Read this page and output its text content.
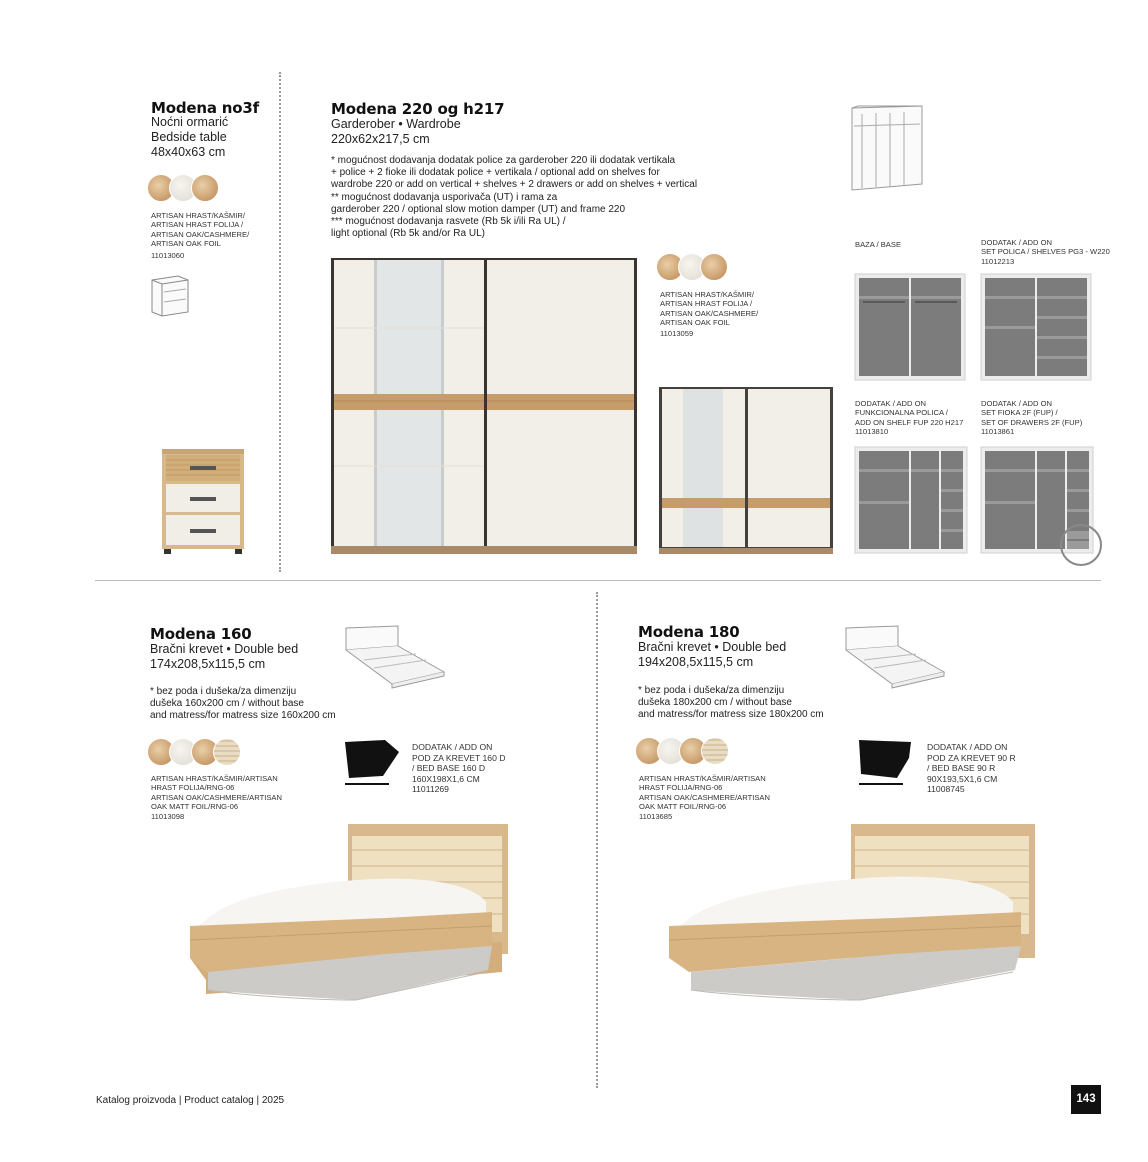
Modena no3f
Noćni ormarić
Bedside table
48x40x63 cm
ARTISAN HRAST/KAŠMIR/
ARTISAN HRAST FOLIJA /
ARTISAN OAK/CASHMERE/
ARTISAN OAK FOIL
11013060
Modena 220 og h217
Garderober • Wardrobe
220x62x217,5 cm
* mogućnost dodavanja dodatak police za garderober 220 ili dodatak vertikala
+ police + 2 fioke ili dodatak police + vertikala / optional add on shelves for
wardrobe 220 or add on vertical + shelves + 2 drawers or add on shelves + vertical
** mogućnost dodavanja usporivača (UT) i rama za
garderober 220 / optional slow motion damper (UT) and frame 220
*** mogućnost dodavanja rasvete (Rb 5k i/ili Ra UL) /
light optional (Rb 5k and/or Ra UL)
ARTISAN HRAST/KAŠMIR/
ARTISAN HRAST FOLIJA /
ARTISAN OAK/CASHMERE/
ARTISAN OAK FOIL
11013059
BAZA / BASE	DODATAK / ADD ON
SET POLICA / SHELVES PG3 - W220
11012213
DODATAK / ADD ON
FUNKCIONALNA POLICA /
ADD ON SHELF FUP 220 H217
11013810
DODATAK / ADD ON
SET FIOKA 2F (FUP) /
SET OF DRAWERS 2F (FUP)
11013861
Modena 160
Bračni krevet • Double bed
174x208,5x115,5 cm
* bez poda i dušeka/za dimenziju
dušeka 160x200 cm / without base
and matress/for matress size 160x200 cm
ARTISAN HRAST/KAŠMIR/ARTISAN
HRAST FOLIJA/RNG-06
ARTISAN OAK/CASHMERE/ARTISAN
OAK MATT FOIL/RNG-06
11013098
DODATAK / ADD ON
POD ZA KREVET 160 D
/ BED BASE 160 D
160X198X1,6 CM
11011269
Modena 180
Bračni krevet • Double bed
194x208,5x115,5 cm
* bez poda i dušeka/za dimenziju
dušeka 180x200 cm / without base
and matress/for matress size 180x200 cm
ARTISAN HRAST/KAŠMIR/ARTISAN
HRAST FOLIJA/RNG-06
ARTISAN OAK/CASHMERE/ARTISAN
OAK MATT FOIL/RNG-06
11013685
DODATAK / ADD ON
POD ZA KREVET 90 R
/ BED BASE 90 R
90X193,5X1,6 CM
11008745
Katalog proizvoda | Product catalog | 2025	143
